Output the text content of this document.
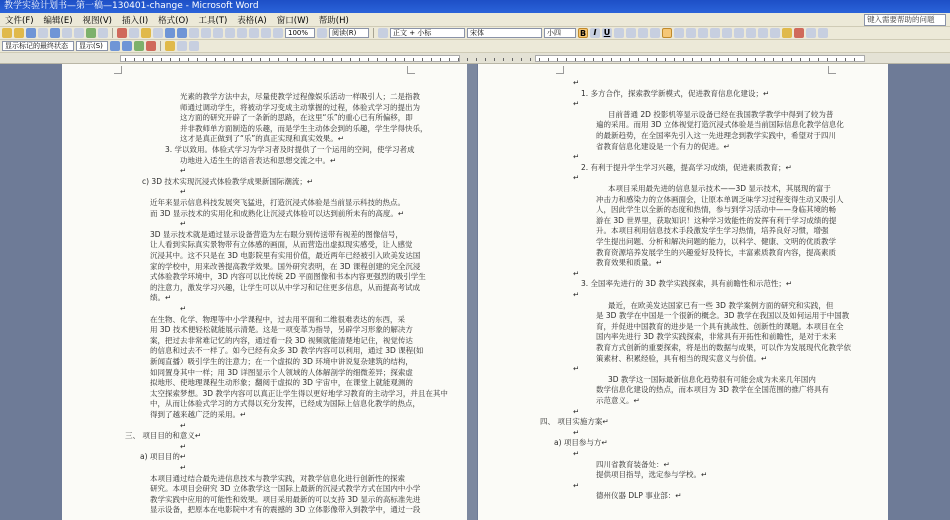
教学实验计划书—第一稿—130401-change - Microsoft Word
文件(F)	编辑(E)	视图(V)	插入(I)	格式(O)	工具(T)	表格(A)	窗口(W)	帮助(H)	键入需要帮助的问题
100%	阅读(R)	正文 + 小标	宋体	小四	B I U
显示标记的最终状态	显示(S)
光素的教学方法中去，尽量使教学过程像娱乐活动一样吸引人；二是指教
师通过调动学生，将被动学习变成主动掌握的过程，体验式学习的提出为
这方面的研究开辟了一条新的思路，在这里“乐”的重心已有所偏移，即
并非教师单方面制造的乐趣，而是学生主动体会到的乐趣，学生学得快乐，
这才是真正做到了“乐”的真正实现和真实效果。↵
3. 学以致用。体验式学习为学习者及时提供了一个运用的空间，使学习者成
功地进入适生生的语音表达和思想交流之中。↵
↵
c) 3D 技术实现沉浸式体验教学成果新国际潮流；↵
↵
近年来显示信息科技发展突飞猛进，打造沉浸式体验是当前显示科技的热点。
而 3D 显示技术的实用化和成熟化让沉浸式体验可以达到前所未有的高度。↵
↵
3D 显示技术就是通过显示设备营造为左右眼分别传送带有视差的图像信号，
让人看到实际真实景物带有立体感的画面，从而营造出虚拟现实感受，让人感觉
沉浸其中。这不只是在 3D 电影院里有实用价值，最近两年已经被引入欧美发达国
家的学校中，用来改善提高教学效果。国外研究表明，在 3D 课程创建的完全沉浸
式体验教学环境中，3D 内容可以比传统 2D 平面图像和书本内容更强烈的吸引学生
的注意力，激发学习兴趣，让学生可以从中学习和记住更多信息，从而提高考试成
绩。↵
↵
在生物、化学、物理等中小学课程中，过去用平面和二维很难表达的东西，采
用 3D 技术便轻松就能展示清楚。这是一项变革为指导，另辟学习形象的解决方
案，把过去非常难记忆的内容，通过看一段 3D 视频就能清楚地记住，视觉传达
的信息和过去不一样了。如今已经有众多 3D 教学内容可以利用，通过 3D 课程(如
新闻直播）吸引学生的注意力；在一个虚拟的 3D 环境中讲说复杂建筑的结构，
如同置身其中一样；用 3D 详图显示个人领域的人体解剖学的细微差异；探索虚
拟地形、使地理课程生动形象；翻阅于虚拟的 3D 宇宙中，在课堂上就能观测的
太空探索梦想。3D 教学内容可以真正让学生得以更好地学习教育的主动学习，并且在其中
中，从而让体验式学习的方式得以充分发挥，已经成为国际上信息化教学的热点，
得到了越来越广泛的采用。↵
↵
三、 项目目的和意义↵
↵
a) 项目目的↵
↵
本项目通过结合最先进信息技术与教学实践，对教学信息化进行创新性的探索
研究。本项目会研究 3D 立体教学这一国际上最新的沉浸式教学方式在国内中小学
教学实践中应用的可能性和效果。项目采用最新的可以支持 3D 显示的高标准先进
显示设备，把原本在电影院中才有的震撼的 3D 立体影像带入到教学中，通过一段
↵
1. 多方合作，探索教学新模式，促进教育信息化建设；↵
↵
目前普通 2D 投影机等显示设备已经在我国教学教学中得到了较为普
遍的采用。而用 3D 立体视觉打造沉浸式体验是当前国际信息化教学信息化
的最新趋势，在全国率先引入这一先进理念到教学实践中，希望对于四川
省教育信息化建设是一个有力的促进。↵
↵
2. 有利于提升学生学习兴趣，提高学习成绩，促进素质教育；↵
↵
本项目采用最先进的信息显示技术——3D 显示技术，其展现的富于
冲击力和感染力的立体画面会，让原本单调乏味学习过程变得生动又吸引人
人，因此学生以全新的态度和热情，参与到学习活动中——身临其境的畅
游在 3D 世界里，获取知识！这种学习效能性的发挥有利于学习成绩的提
升。本项目利用信息技术手段激发学生学习热情，培养良好习惯，增强
学生提出问题、分析和解决问题的能力，以科学、健康、文明的优质教学
教育资源培养发展学生的兴趣爱好及特长，丰富素质教育内容，提高素质
教育效果和质量。↵
↵
3. 全国率先进行的 3D 教学实践探索，具有前瞻性和示范性；↵
↵
最近，在欧美发达国家已有一些 3D 教学案例方面的研究和实践，但
是 3D 教学在中国是一个很新的概念。3D 教学在我国以及如何运用于中国教
育，并促进中国教育的进步是一个具有挑战性、创新性的课题。本项目在全
国内率先进行 3D 教学实践探索，非常具有开拓性和前瞻性，是对于未来
教育方式创新的重要探索，将是出的数据与成果，可以作为发展现代化教学依
策素材、积累经验，具有相当的现实意义与价值。↵
↵
3D 教学这一国际最新信息化趋势很有可能会成为未来几年国内
数学信息化建设的热点，而本项目为 3D 教学在全国范围的推广将具有
示范意义。↵
↵
四、 项目实施方案↵
↵
a) 项目参与方↵
↵
四川省教育装备处：↵
提供项目指导，选定参与学校。↵
↵
德州仪器 DLP 事业部：↵
